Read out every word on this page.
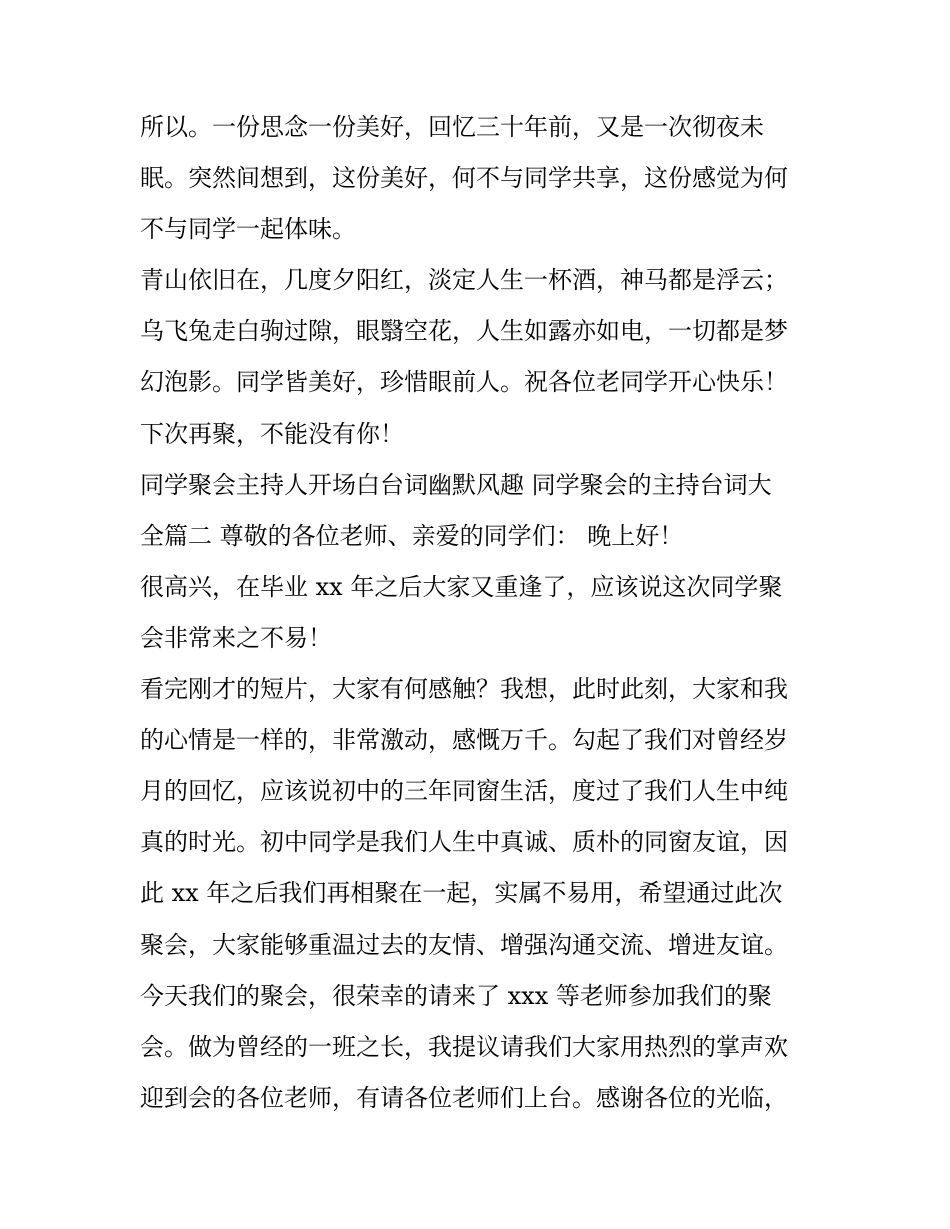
所以。一份思念一份美好，回忆三十年前，又是一次彻夜未
眠。突然间想到，这份美好，何不与同学共享，这份感觉为何
不与同学一起体味。
青山依旧在，几度夕阳红，淡定人生一杯酒，神马都是浮云；
乌飞兔走白驹过隙，眼翳空花，人生如露亦如电，一切都是梦
幻泡影。同学皆美好，珍惜眼前人。祝各位老同学开心快乐！
下次再聚，不能没有你！
同学聚会主持人开场白台词幽默风趣 同学聚会的主持台词大
全篇二 尊敬的各位老师、亲爱的同学们： 晚上好！
很高兴，在毕业 xx 年之后大家又重逢了，应该说这次同学聚
会非常来之不易！
看完刚才的短片，大家有何感触？我想，此时此刻，大家和我
的心情是一样的，非常激动，感慨万千。勾起了我们对曾经岁
月的回忆，应该说初中的三年同窗生活，度过了我们人生中纯
真的时光。初中同学是我们人生中真诚、质朴的同窗友谊，因
此 xx 年之后我们再相聚在一起，实属不易用，希望通过此次
聚会，大家能够重温过去的友情、增强沟通交流、增进友谊。
今天我们的聚会，很荣幸的请来了 xxx 等老师参加我们的聚
会。做为曾经的一班之长，我提议请我们大家用热烈的掌声欢
迎到会的各位老师，有请各位老师们上台。感谢各位的光临，
